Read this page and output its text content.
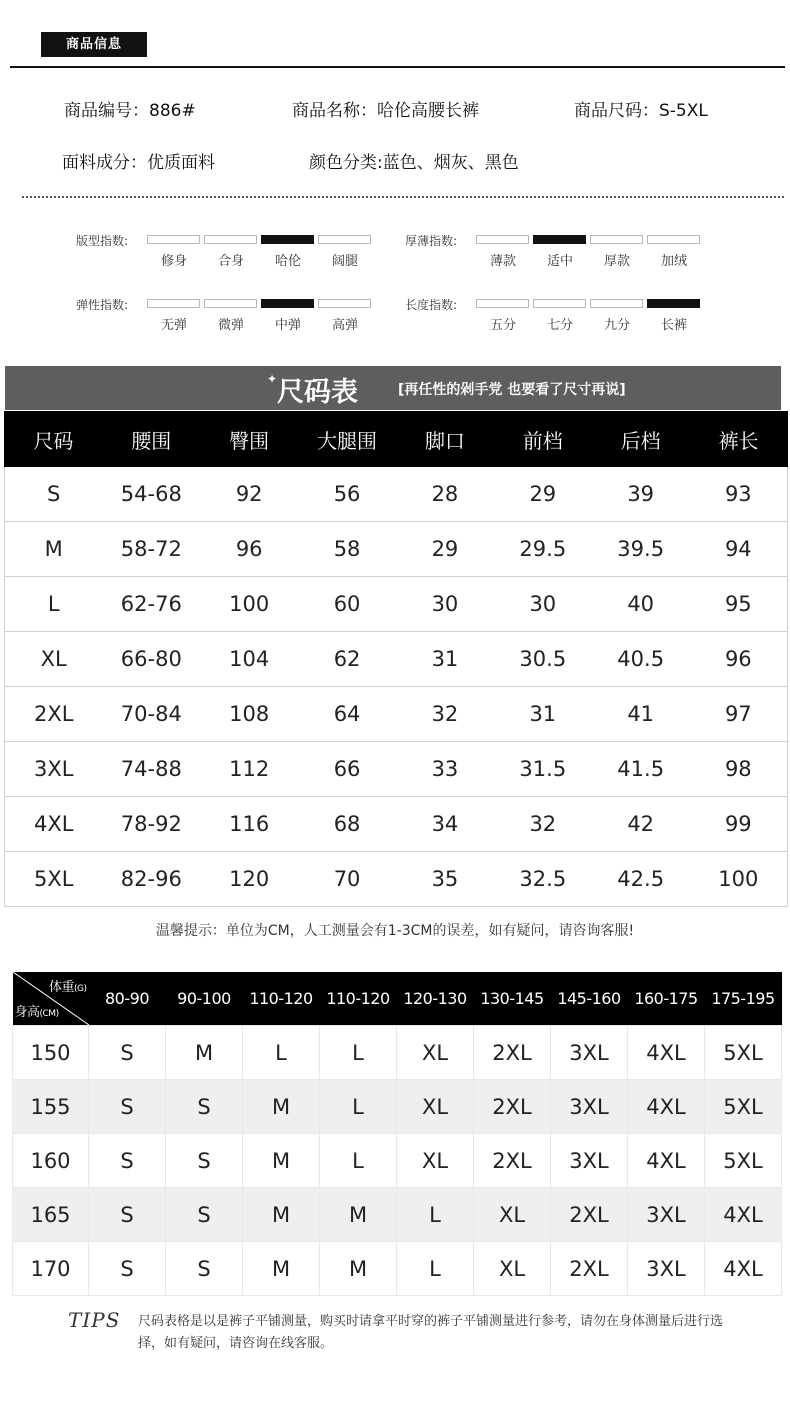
商品信息
商品编号：886#	商品名称：哈伦高腰长裤	商品尺码：S-5XL
面料成分：优质面料	颜色分类:蓝色、烟灰、黑色
版型指数:
修身	合身	哈伦	阔腿
厚薄指数:
薄款	适中	厚款	加绒
弹性指数:
无弹	微弹	中弹	高弹
长度指数:
五分	七分	九分	长裤
✦ 尺码表	[再任性的剁手党 也要看了尺寸再说]
尺码	腰围	臀围	大腿围	脚口	前档	后档	裤长
S	54-68	92	56	28	29	39	93
M	58-72	96	58	29	29.5	39.5	94
L	62-76	100	60	30	30	40	95
XL	66-80	104	62	31	30.5	40.5	96
2XL	70-84	108	64	32	31	41	97
3XL	74-88	112	66	33	31.5	41.5	98
4XL	78-92	116	68	34	32	42	99
5XL	82-96	120	70	35	32.5	42.5	100
温馨提示：单位为CM，人工测量会有1-3CM的误差，如有疑问，请咨询客服!
体重(G)
身高(CM)	80-90	90-100	110-120	110-120	120-130	130-145	145-160	160-175	175-195
150	S	M	L	L	XL	2XL	3XL	4XL	5XL
155	S	S	M	L	XL	2XL	3XL	4XL	5XL
160	S	S	M	L	XL	2XL	3XL	4XL	5XL
165	S	S	M	M	L	XL	2XL	3XL	4XL
170	S	S	M	M	L	XL	2XL	3XL	4XL
TIPS 尺码表格是以是裤子平铺测量，购买时请拿平时穿的裤子平铺测量进行参考，请勿在身体测量后进行选择，如有疑问，请咨询在线客服。
